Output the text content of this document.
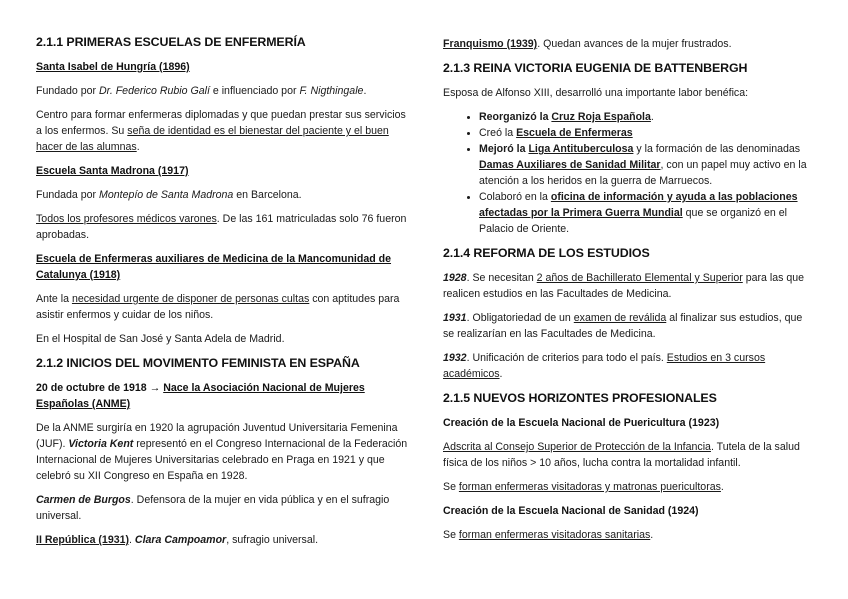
2.1.1 PRIMERAS ESCUELAS DE ENFERMERÍA
Santa Isabel de Hungría (1896)

Fundado por Dr. Federico Rubio Galí e influenciado por F. Nigthingale.

Centro para formar enfermeras diplomadas y que puedan prestar sus servicios a los enfermos. Su seña de identidad es el bienestar del paciente y el buen hacer de las alumnas.

Escuela Santa Madrona (1917)

Fundada por Montepío de Santa Madrona en Barcelona.

Todos los profesores médicos varones. De las 161 matriculadas solo 76 fueron aprobadas.

Escuela de Enfermeras auxiliares de Medicina de la Mancomunidad de Catalunya (1918)

Ante la necesidad urgente de disponer de personas cultas con aptitudes para asistir enfermos y cuidar de los niños.

En el Hospital de San José y Santa Adela de Madrid.

2.1.2 INICIOS DEL MOVIMENTO FEMINISTA EN ESPAÑA
20 de octubre de 1918 → Nace la Asociación Nacional de Mujeres Españolas (ANME)

De la ANME surgiría en 1920 la agrupación Juventud Universitaria Femenina (JUF). Victoria Kent representó en el Congreso Internacional de la Federación Internacional de Mujeres Universitarias celebrado en Praga en 1921 y que celebró su XII Congreso en España en 1928.

Carmen de Burgos. Defensora de la mujer en vida pública y en el sufragio universal.

II República (1931). Clara Campoamor, sufragio universal.

Franquismo (1939). Quedan avances de la mujer frustrados.

2.1.3 REINA VICTORIA EUGENIA DE BATTENBERGH

Esposa de Alfonso XIII, desarrolló una importante labor benéfica:

• Reorganizó la Cruz Roja Española.
• Creó la Escuela de Enfermeras
• Mejoró la Liga Antituberculosa y la formación de las denominadas Damas Auxiliares de Sanidad Militar, con un papel muy activo en la atención a los heridos en la guerra de Marruecos.
• Colaboró en la oficina de información y ayuda a las poblaciones afectadas por la Primera Guerra Mundial que se organizó en el Palacio de Oriente.
2.1.4 REFORMA DE LOS ESTUDIOS

1928. Se necesitan 2 años de Bachillerato Elemental y Superior para las que realicen estudios en las Facultades de Medicina.

1931. Obligatoriedad de un examen de reválida al finalizar sus estudios, que se realizarían en las Facultades de Medicina.

1932. Unificación de criterios para todo el país. Estudios en 3 cursos académicos.

2.1.5 NUEVOS HORIZONTES PROFESIONALES
Creación de la Escuela Nacional de Puericultura (1923)

Adscrita al Consejo Superior de Protección de la Infancia. Tutela de la salud física de los niños > 10 años, lucha contra la mortalidad infantil.

Se forman enfermeras visitadoras y matronas puericultoras.

Creación de la Escuela Nacional de Sanidad (1924)

Se forman enfermeras visitadoras sanitarias.
